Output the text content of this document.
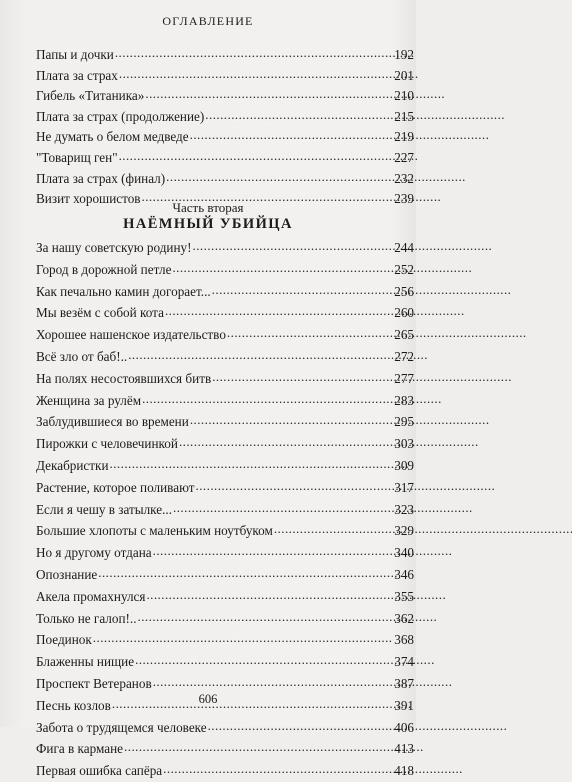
ОГЛАВЛЕНИЕ
Папы и дочки . . .	192
Плата за страх . . .	201
Гибель «Титаника» . . .	210
Плата за страх (продолжение) . . .	215
Не думать о белом медведе . . .	219
"Товарищ ген" . . .	227
Плата за страх (финал) . . .	232
Визит хорошистов . . .	239
Часть вторая
НАЁМНЫЙ УБИЙЦА
За нашу советскую родину! . . .	244
Город в дорожной петле . . .	252
Как печально камин догорает... . . .	256
Мы везём с собой кота . . .	260
Хорошее нашенское издательство . . .	265
Всё зло от баб!.. . . .	272
На полях несостоявшихся битв . . .	277
Женщина за рулём . . .	283
Заблудившиеся во времени . . .	295
Пирожки с человечинкой . . .	303
Декабристки . . .	309
Растение, которое поливают . . .	317
Если я чешу в затылке... . . .	323
Большие хлопоты с маленьким ноутбуком . . .	329
Но я другому отдана . . .	340
Опознание . . .	346
Акела промахнулся . . .	355
Только не галоп!.. . . .	362
Поединок . . .	368
Блаженны нищие . . .	374
Проспект Ветеранов . . .	387
Песнь козлов . . .	391
Забота о трудящемся человеке . . .	406
Фига в кармане . . .	413
Первая ошибка сапёра . . .	418
606
